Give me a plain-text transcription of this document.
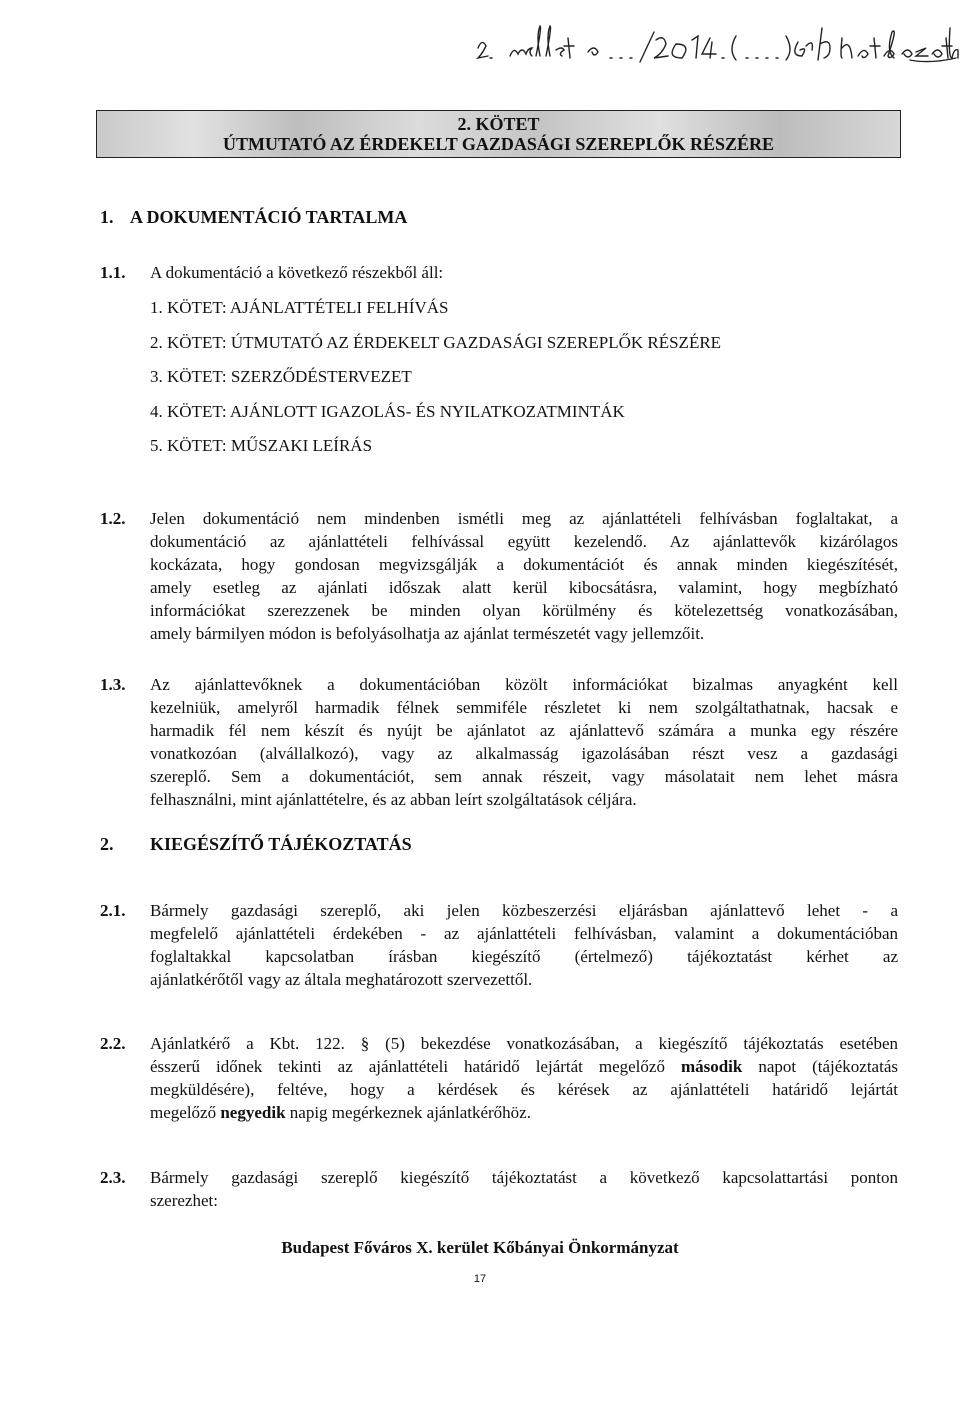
2. KÖTET
ÚTMUTATÓ AZ ÉRDEKELT GAZDASÁGI SZEREPLŐK RÉSZÉRE
1. A DOKUMENTÁCIÓ TARTALMA
1.1. A dokumentáció a következő részekből áll:
1. KÖTET: AJÁNLATTÉTELI FELHÍVÁS
2. KÖTET: ÚTMUTATÓ AZ ÉRDEKELT GAZDASÁGI SZEREPLŐK RÉSZÉRE
3. KÖTET: SZERZŐDÉSTERVEZET
4. KÖTET: AJÁNLOTT IGAZOLÁS- ÉS NYILATKOZATMINTÁK
5. KÖTET: MŰSZAKI LEÍRÁS
1.2. Jelen dokumentáció nem mindenben ismétli meg az ajánlattételi felhívásban foglaltakat, a
dokumentáció az ajánlattételi felhívással együtt kezelendő. Az ajánlattevők kizárólagos
kockázata, hogy gondosan megvizsgálják a dokumentációt és annak minden kiegészítését,
amely esetleg az ajánlati időszak alatt kerül kibocsátásra, valamint, hogy megbízható
információkat szerezzenek be minden olyan körülmény és kötelezettség vonatkozásában,
amely bármilyen módon is befolyásolhatja az ajánlat természetét vagy jellemzőit.
1.3. Az ajánlattevőknek a dokumentációban közölt információkat bizalmas anyagként kell
kezelniük, amelyről harmadik félnek semmiféle részletet ki nem szolgáltathatnak, hacsak e
harmadik fél nem készít és nyújt be ajánlatot az ajánlattevő számára a munka egy részére
vonatkozóan (alvállalkozó), vagy az alkalmasság igazolásában részt vesz a gazdasági
szereplő. Sem a dokumentációt, sem annak részeit, vagy másolatait nem lehet másra
felhasználni, mint ajánlattételre, és az abban leírt szolgáltatások céljára.
2. KIEGÉSZÍTŐ TÁJÉKOZTATÁS
2.1. Bármely gazdasági szereplő, aki jelen közbeszerzési eljárásban ajánlattevő lehet - a
megfelelő ajánlattételi érdekében - az ajánlattételi felhívásban, valamint a dokumentációban
foglaltakkal kapcsolatban írásban kiegészítő (értelmező) tájékoztatást kérhet az
ajánlatkérőtől vagy az általa meghatározott szervezettől.
2.2. Ajánlatkérő a Kbt. 122. § (5) bekezdése vonatkozásában, a kiegészítő tájékoztatás esetében
ésszerű időnek tekinti az ajánlattételi határidő lejártát megelőző második napot (tájékoztatás
megküldésére), feltéve, hogy a kérdések és kérések az ajánlattételi határidő lejártát
megelőző negyedik napig megérkeznek ajánlatkérőhöz.
2.3. Bármely gazdasági szereplő kiegészítő tájékoztatást a következő kapcsolattartási ponton
szerezhet:
Budapest Főváros X. kerület Kőbányai Önkormányzat
17
